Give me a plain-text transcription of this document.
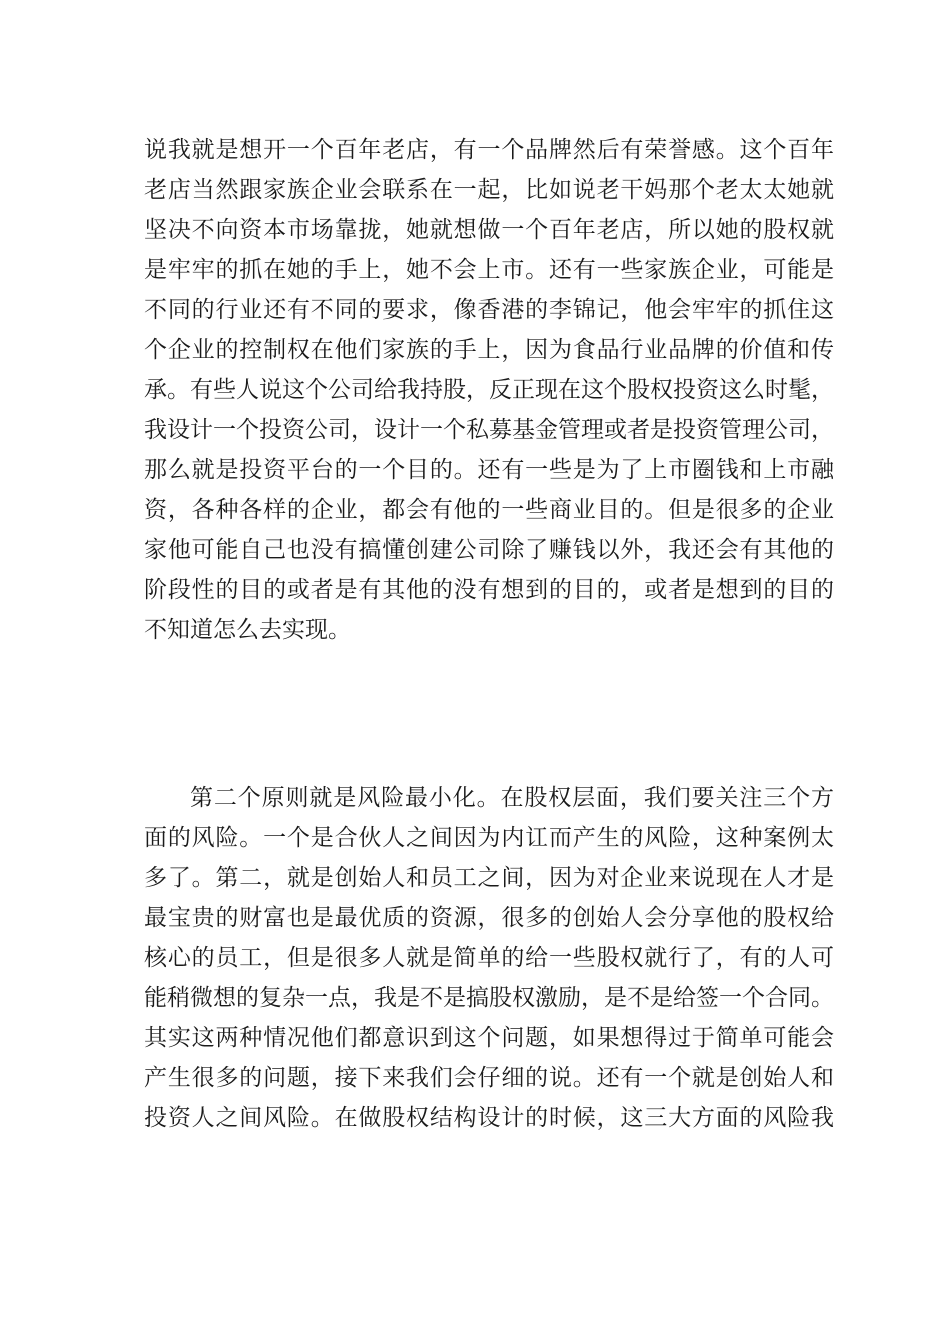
说我就是想开一个百年老店，有一个品牌然后有荣誉感。这个百年
老店当然跟家族企业会联系在一起，比如说老干妈那个老太太她就
坚决不向资本市场靠拢，她就想做一个百年老店，所以她的股权就
是牢牢的抓在她的手上，她不会上市。还有一些家族企业，可能是
不同的行业还有不同的要求，像香港的李锦记，他会牢牢的抓住这
个企业的控制权在他们家族的手上，因为食品行业品牌的价值和传
承。有些人说这个公司给我持股，反正现在这个股权投资这么时髦，
我设计一个投资公司，设计一个私募基金管理或者是投资管理公司，
那么就是投资平台的一个目的。还有一些是为了上市圈钱和上市融
资，各种各样的企业，都会有他的一些商业目的。但是很多的企业
家他可能自己也没有搞懂创建公司除了赚钱以外，我还会有其他的
阶段性的目的或者是有其他的没有想到的目的，或者是想到的目的
不知道怎么去实现。
第二个原则就是风险最小化。在股权层面，我们要关注三个方
面的风险。一个是合伙人之间因为内讧而产生的风险，这种案例太
多了。第二，就是创始人和员工之间，因为对企业来说现在人才是
最宝贵的财富也是最优质的资源，很多的创始人会分享他的股权给
核心的员工，但是很多人就是简单的给一些股权就行了，有的人可
能稍微想的复杂一点，我是不是搞股权激励，是不是给签一个合同。
其实这两种情况他们都意识到这个问题，如果想得过于简单可能会
产生很多的问题，接下来我们会仔细的说。还有一个就是创始人和
投资人之间风险。在做股权结构设计的时候，这三大方面的风险我
